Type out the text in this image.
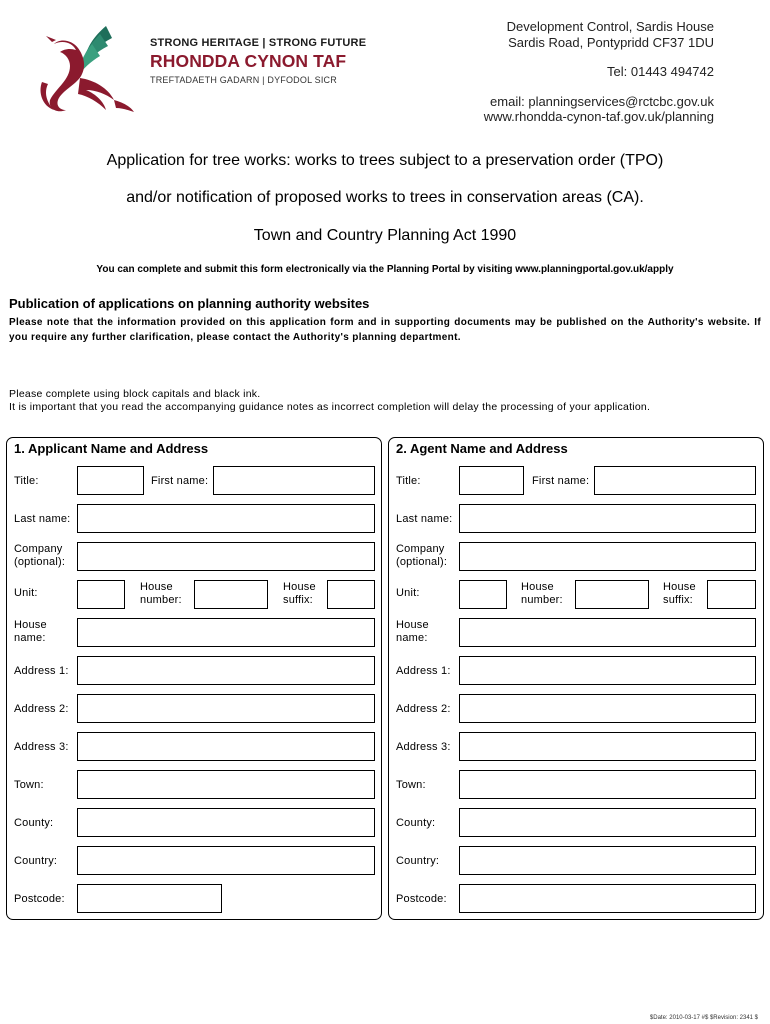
STRONG HERITAGE | STRONG FUTURE
RHONDDA CYNON TAF
TREFTADAETH GADARN | DYFODOL SICR
Development Control, Sardis House
Sardis Road, Pontypridd CF37 1DU
Tel: 01443 494742
email: planningservices@rctcbc.gov.uk
www.rhondda-cynon-taf.gov.uk/planning
Application for tree works: works to trees subject to a preservation order (TPO)
and/or notification of proposed works to trees in conservation areas (CA).
Town and Country Planning Act 1990
You can complete and submit this form electronically via the Planning Portal by visiting www.planningportal.gov.uk/apply
Publication of applications on planning authority websites
Please note that the information provided on this application form and in supporting documents may be published on the Authority's website. If you require any further clarification, please contact the Authority's planning department.
Please complete using block capitals and black ink.
It is important that you read the accompanying guidance notes as incorrect completion will delay the processing of your application.
1. Applicant Name and Address
Title:	First name:
Last name:
Company (optional):
Unit:	House number:
House suffix:
House name:
Address 1:
Address 2:
Address 3:
Town:
County:
Country:
Postcode:
2. Agent Name and Address
Title:	First name:
Last name:
Company (optional):
Unit:	House number:
House suffix:
House name:
Address 1:
Address 2:
Address 3:
Town:
County:
Country:
Postcode:
$Date: 2010-03-17 #$ $Revision: 2341 $
